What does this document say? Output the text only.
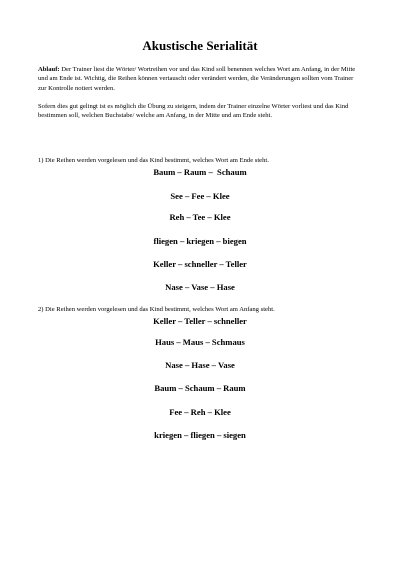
Akustische Serialität
Ablauf: Der Trainer liest die Wörter/ Wortreihen vor und das Kind soll benennen welches Wort am Anfang, in der Mitte und am Ende ist. Wichtig, die Reihen können vertauscht oder verändert werden, die Veränderungen sollten vom Trainer zur Kontrolle notiert werden.
Sofern dies gut gelingt ist es möglich die Übung zu steigern, indem der Trainer einzelne Wörter vorliest und das Kind bestimmen soll, welchen Buchstabe/ welche am Anfang, in der Mitte und am Ende steht.
1) Die Reihen werden vorgelesen und das Kind bestimmt, welches Wort am Ende steht.
Baum – Raum –  Schaum
See – Fee – Klee
Reh – Tee – Klee
fliegen – kriegen – biegen
Keller – schneller – Teller
Nase – Vase – Hase
2) Die Reihen werden vorgelesen und das Kind bestimmt, welches Wort am Anfang steht.
Keller – Teller – schneller
Haus – Maus – Schmaus
Nase – Hase – Vase
Baum – Schaum – Raum
Fee – Reh – Klee
kriegen – fliegen – siegen
